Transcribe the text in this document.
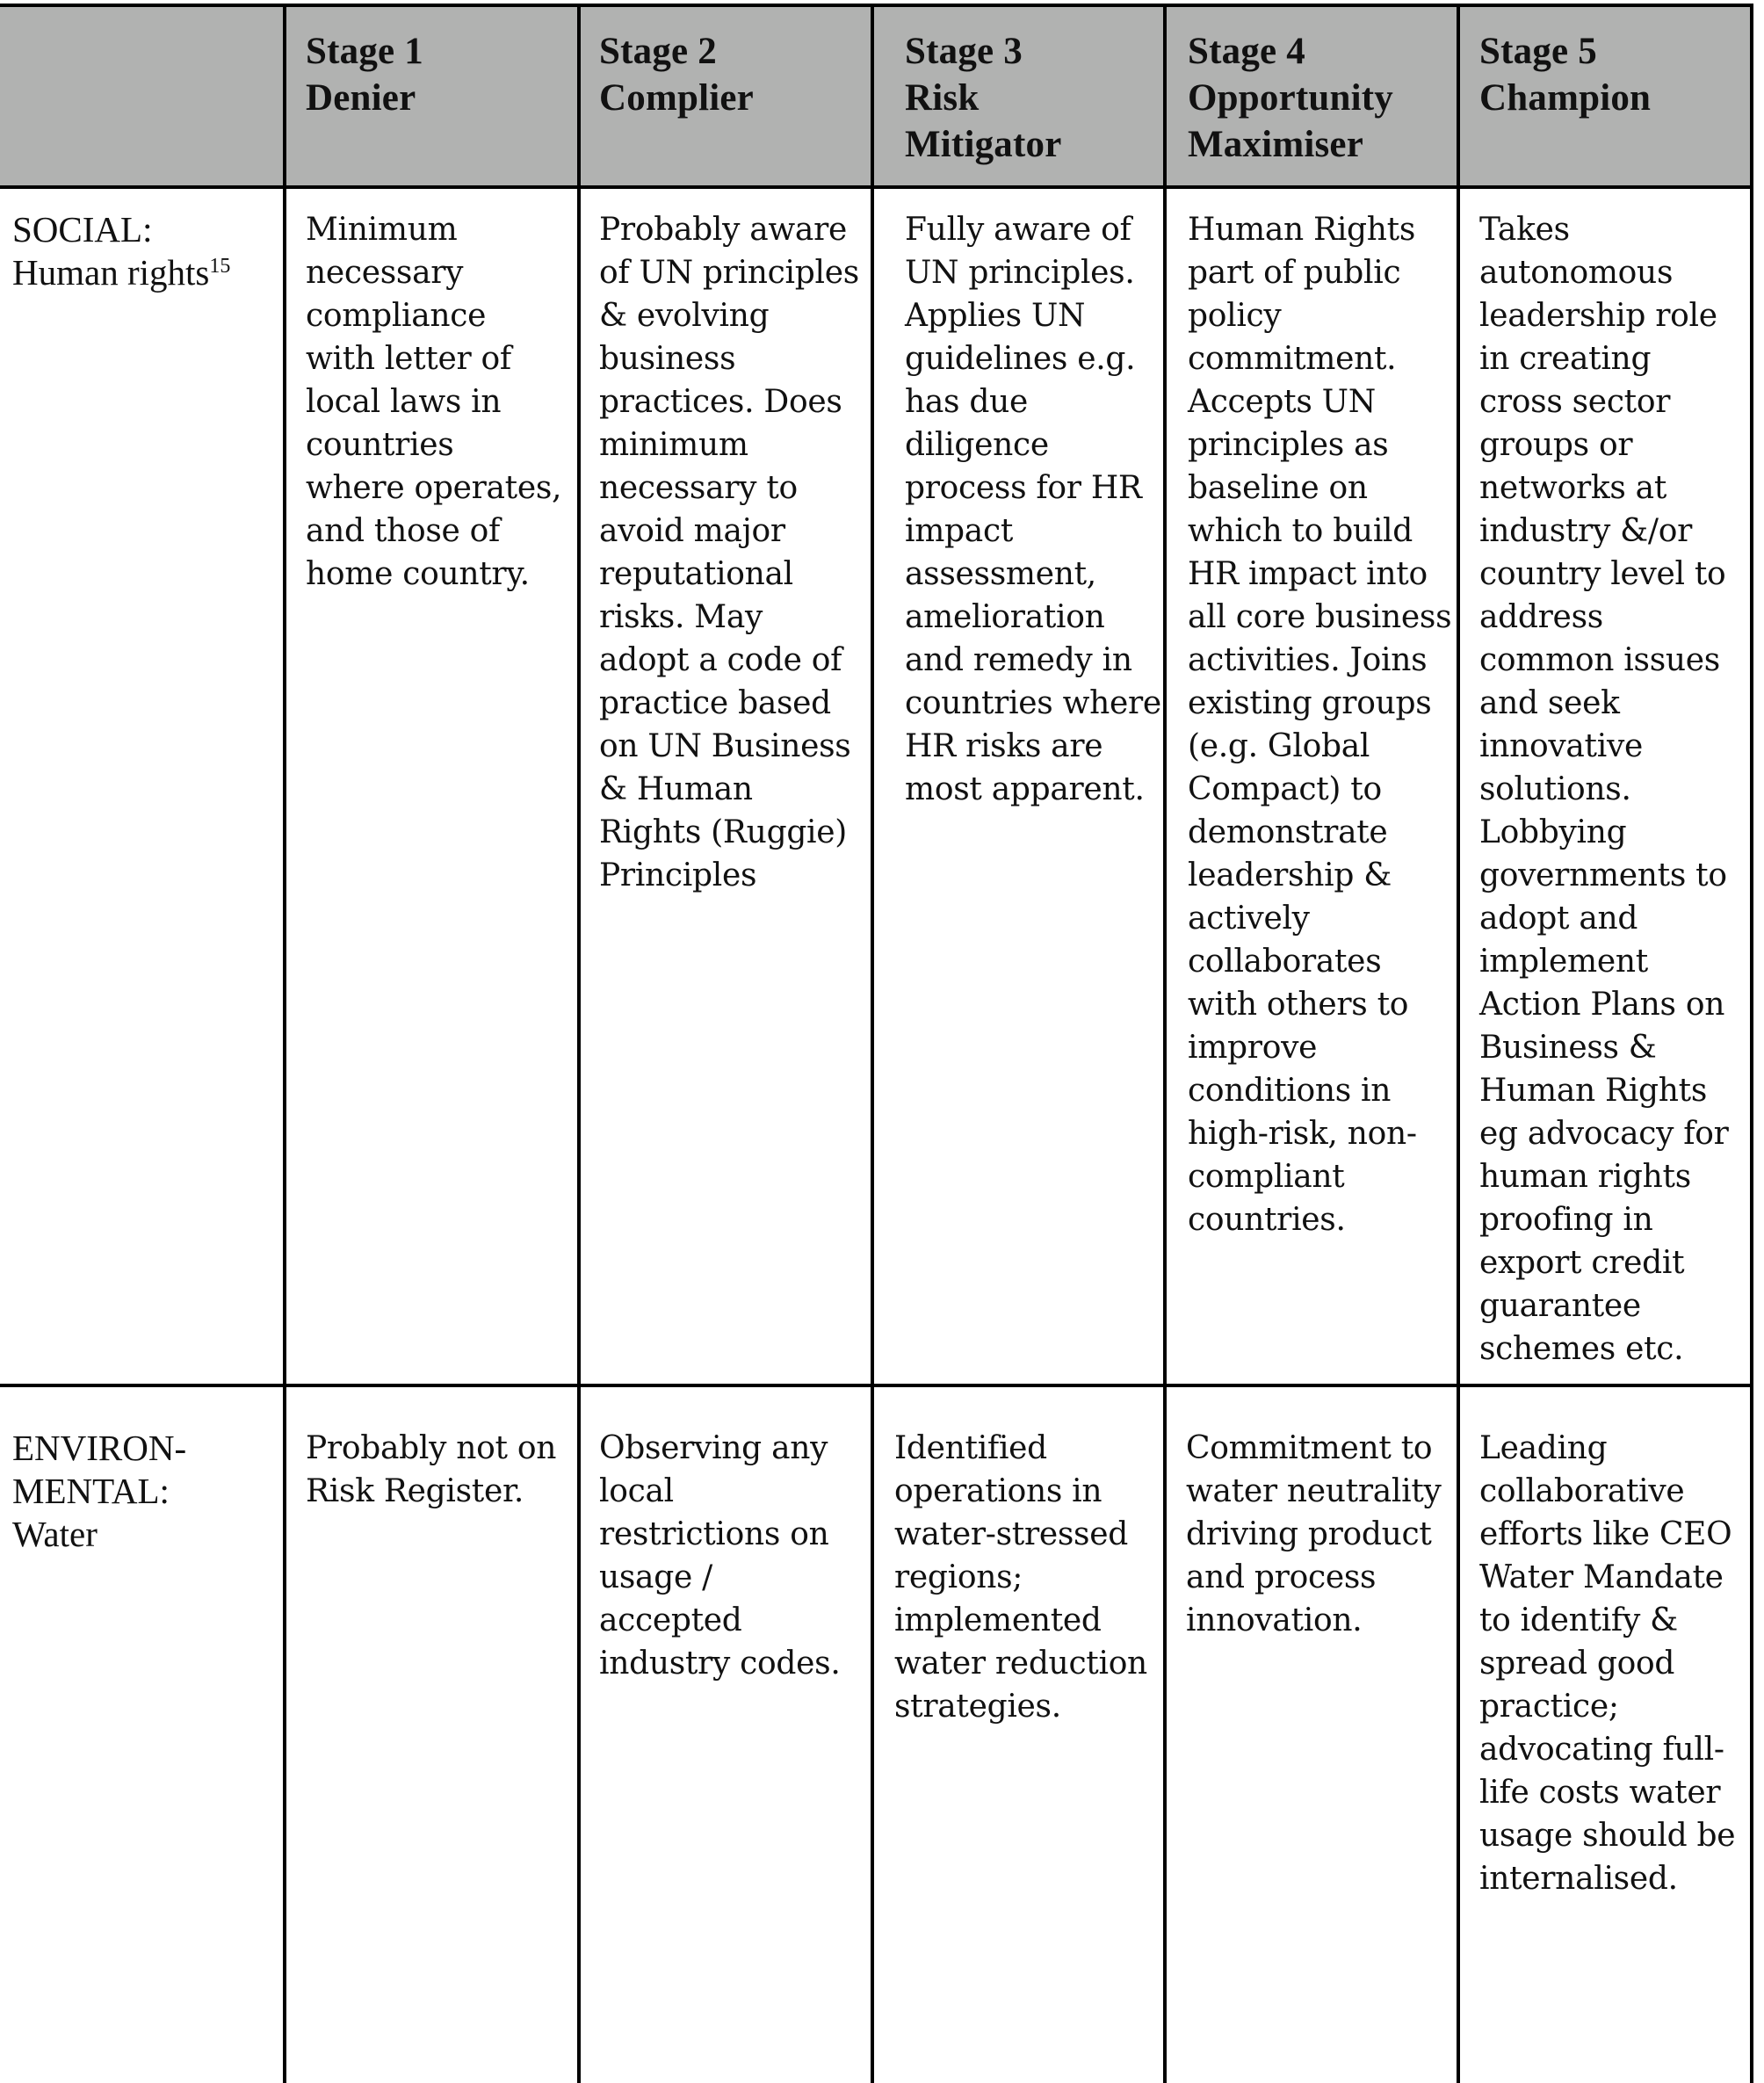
Stage 1
Denier
Stage 2
Complier
Stage 3
Risk
Mitigator
Stage 4
Opportunity
Maximiser
Stage 5
Champion
SOCIAL:
Human rights$^{15}$
Minimum
necessary
compliance
with letter of
local laws in
countries
where operates,
and those of
home country.
Probably aware
of UN principles
& evolving
business
practices. Does
minimum
necessary to
avoid major
reputational
risks. May
adopt a code of
practice based
on UN Business
& Human
Rights (Ruggie)
Principles
Fully aware of
UN principles.
Applies UN
guidelines e.g.
has due
diligence
process for HR
impact
assessment,
amelioration
and remedy in
countries where
HR risks are
most apparent.
Human Rights
part of public
policy
commitment.
Accepts UN
principles as
baseline on
which to build
HR impact into
all core business
activities. Joins
existing groups
(e.g. Global
Compact) to
demonstrate
leadership &
actively
collaborates
with others to
improve
conditions in
high-risk, non-
compliant
countries.
Takes
autonomous
leadership role
in creating
cross sector
groups or
networks at
industry &/or
country level to
address
common issues
and seek
innovative
solutions.
Lobbying
governments to
adopt and
implement
Action Plans on
Business &
Human Rights
eg advocacy for
human rights
proofing in
export credit
guarantee
schemes etc.
ENVIRON-
MENTAL:
Water
Probably not on
Risk Register.
Observing any
local
restrictions on
usage /
accepted
industry codes.
Identified
operations in
water-stressed
regions;
implemented
water reduction
strategies.
Commitment to
water neutrality
driving product
and process
innovation.
Leading
collaborative
efforts like CEO
Water Mandate
to identify &
spread good
practice;
advocating full-
life costs water
usage should be
internalised.
